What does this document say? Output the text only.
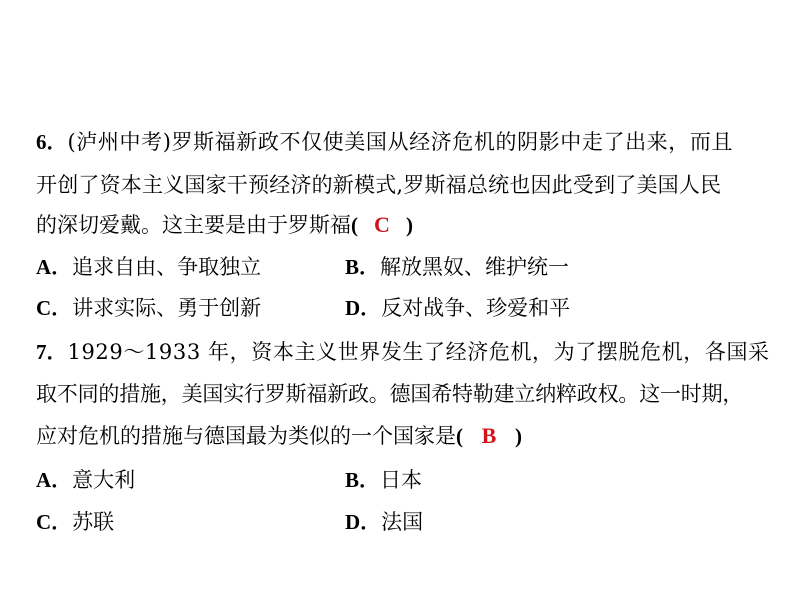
6．(泸州中考)罗斯福新政不仅使美国从经济危机的阴影中走了出来，而且
开创了资本主义国家干预经济的新模式,罗斯福总统也因此受到了美国人民
的深切爱戴。这主要是由于罗斯福( C )
A．追求自由、争取独立	B．解放黑奴、维护统一
C．讲求实际、勇于创新	D．反对战争、珍爱和平
7．1929～1933 年，资本主义世界发生了经济危机，为了摆脱危机，各国采
取不同的措施，美国实行罗斯福新政。德国希特勒建立纳粹政权。这一时期，
应对危机的措施与德国最为类似的一个国家是( B )
A．意大利	B．日本
C．苏联	D．法国
